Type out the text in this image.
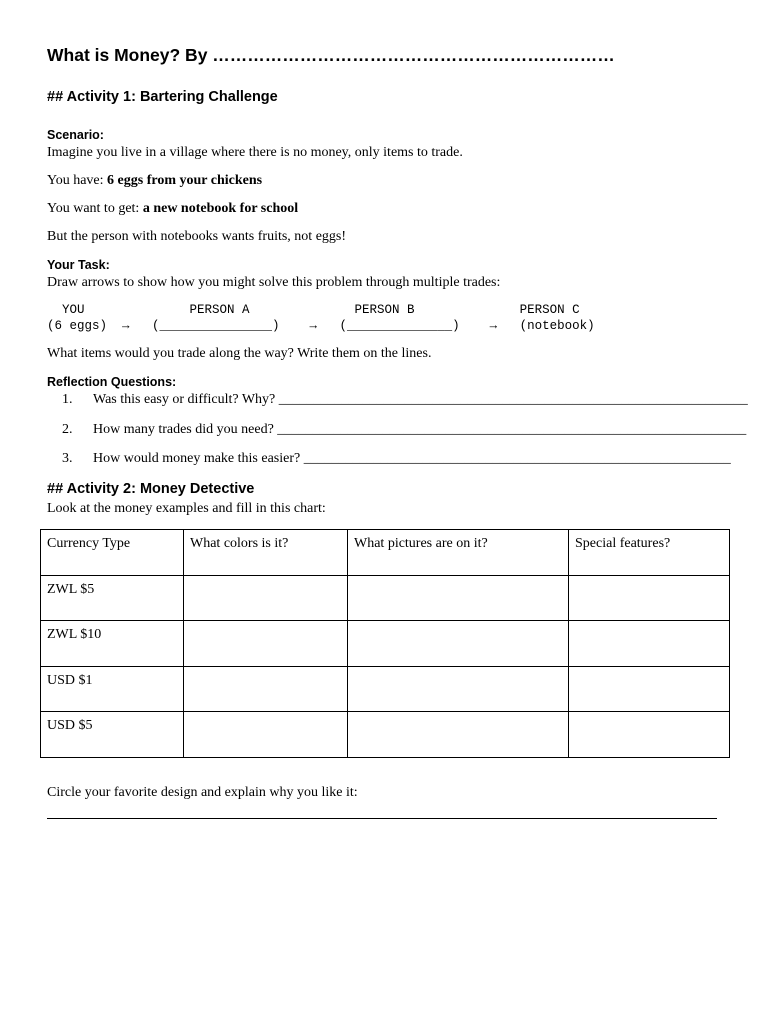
What is Money? By ……………………………………………………………
## Activity 1: Bartering Challenge
Scenario:
Imagine you live in a village where there is no money, only items to trade.
You have: 6 eggs from your chickens
You want to get: a new notebook for school
But the person with notebooks wants fruits, not eggs!
Your Task:
Draw arrows to show how you might solve this problem through multiple trades:
YOU              PERSON A              PERSON B              PERSON C
(6 eggs)  →   (_______________)    →   (______________)    →   (notebook)
What items would you trade along the way? Write them on the lines.
Reflection Questions:
1. Was this easy or difficult? Why? ___________________________________________________________________
2. How many trades did you need? ___________________________________________________________________
3. How would money make this easier? _____________________________________________________________
## Activity 2: Money Detective
Look at the money examples and fill in this chart:
Currency Type	What colors is it?	What pictures are on it?	Special features?
ZWL $5			
ZWL $10			
USD $1			
USD $5			
Circle your favorite design and explain why you like it:
